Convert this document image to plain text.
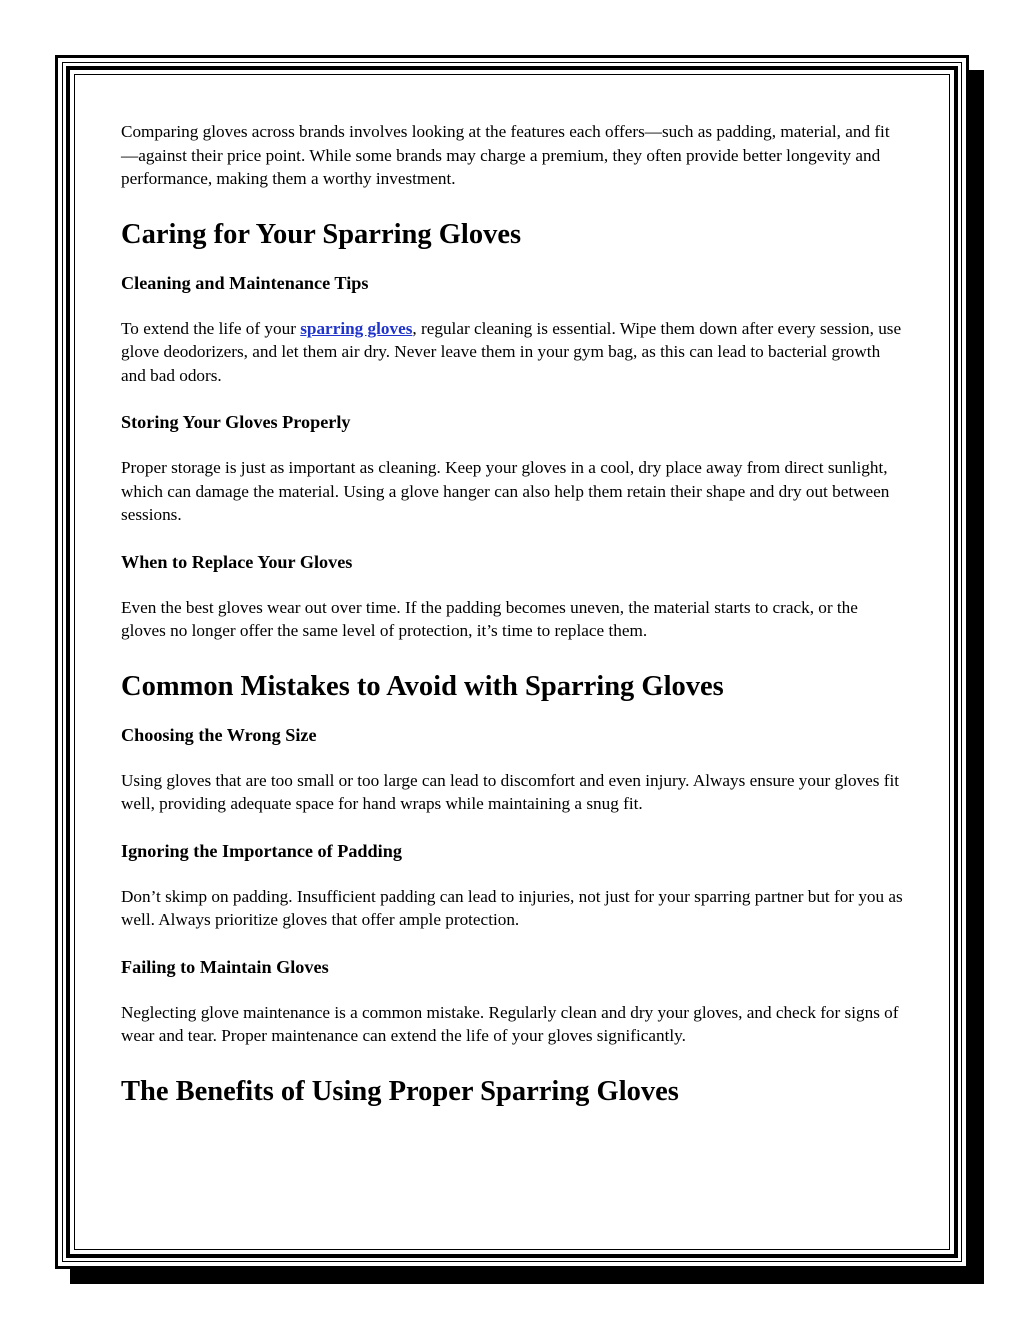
Comparing gloves across brands involves looking at the features each offers—such as padding, material, and fit—against their price point. While some brands may charge a premium, they often provide better longevity and performance, making them a worthy investment.

Caring for Your Sparring Gloves
Cleaning and Maintenance Tips

To extend the life of your sparring gloves, regular cleaning is essential. Wipe them down after every session, use glove deodorizers, and let them air dry. Never leave them in your gym bag, as this can lead to bacterial growth and bad odors.

Storing Your Gloves Properly

Proper storage is just as important as cleaning. Keep your gloves in a cool, dry place away from direct sunlight, which can damage the material. Using a glove hanger can also help them retain their shape and dry out between sessions.

When to Replace Your Gloves

Even the best gloves wear out over time. If the padding becomes uneven, the material starts to crack, or the gloves no longer offer the same level of protection, it’s time to replace them.

Common Mistakes to Avoid with Sparring Gloves
Choosing the Wrong Size

Using gloves that are too small or too large can lead to discomfort and even injury. Always ensure your gloves fit well, providing adequate space for hand wraps while maintaining a snug fit.

Ignoring the Importance of Padding

Don’t skimp on padding. Insufficient padding can lead to injuries, not just for your sparring partner but for you as well. Always prioritize gloves that offer ample protection.

Failing to Maintain Gloves

Neglecting glove maintenance is a common mistake. Regularly clean and dry your gloves, and check for signs of wear and tear. Proper maintenance can extend the life of your gloves significantly.

The Benefits of Using Proper Sparring Gloves
